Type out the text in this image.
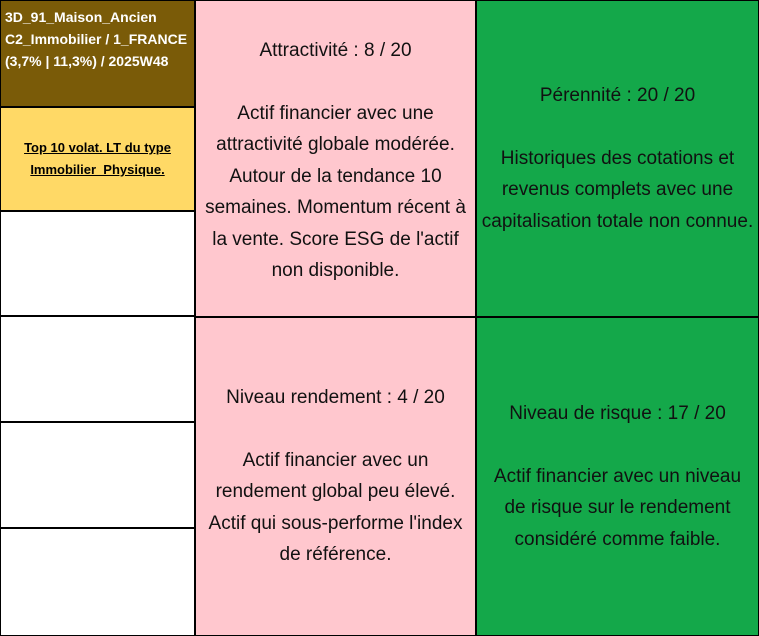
3D_91_Maison_Ancien
C2_Immobilier / 1_FRANCE
(3,7% | 11,3%) / 2025W48
Top 10 volat. LT du type Immobilier_Physique.
Attractivité : 8 / 20
Actif financier avec une attractivité globale modérée. Autour de la tendance 10 semaines. Momentum récent à la vente. Score ESG de l'actif non disponible.
Pérennité : 20 / 20
Historiques des cotations et revenus complets avec une capitalisation totale non connue.
Niveau rendement : 4 / 20
Actif financier avec un rendement global peu élevé. Actif qui sous-performe l'index de référence.
Niveau de risque : 17 / 20
Actif financier avec un niveau de risque sur le rendement considéré comme faible.
